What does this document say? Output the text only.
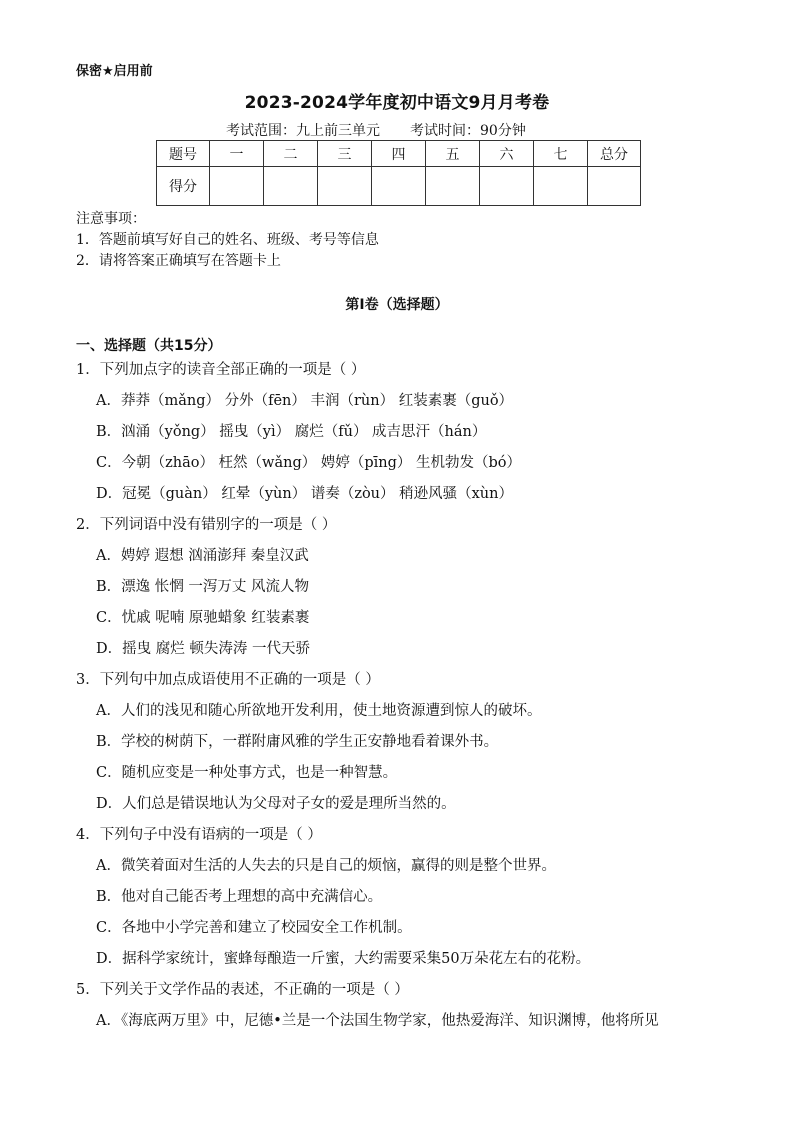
保密★启用前
2023-2024学年度初中语文9月月考卷
考试范围：九上前三单元 考试时间：90分钟
题号	一	二	三	四	五	六	七	总分
得分								
注意事项：
1．答题前填写好自己的姓名、班级、考号等信息
2．请将答案正确填写在答题卡上
第I卷（选择题）
一、选择题（共15分）
1．下列加点字的读音全部正确的一项是（ ）
A．莽莽（mǎng） 分外（fēn） 丰润（rùn） 红装素裹（guǒ）
B．汹涌（yǒng） 摇曳（yì） 腐烂（fǔ） 成吉思汗（hán）
C．今朝（zhāo） 枉然（wǎng） 娉婷（pīng） 生机勃发（bó）
D．冠冕（guàn） 红晕（yùn） 谱奏（zòu） 稍逊风骚（xùn）
2．下列词语中没有错别字的一项是（ ）
A．娉婷 遐想 汹涌澎拜 秦皇汉武
B．漂逸 怅惘 一泻万丈 风流人物
C．忧戚 呢喃 原驰蜡象 红装素裹
D．摇曳 腐烂 顿失涛涛 一代天骄
3．下列句中加点成语使用不正确的一项是（ ）
A．人们的浅见和随心所欲地开发利用，使土地资源遭到惊人的破坏。
B．学校的树荫下，一群附庸风雅的学生正安静地看着课外书。
C．随机应变是一种处事方式，也是一种智慧。
D．人们总是错误地认为父母对子女的爱是理所当然的。
4．下列句子中没有语病的一项是（ ）
A．微笑着面对生活的人失去的只是自己的烦恼，赢得的则是整个世界。
B．他对自己能否考上理想的高中充满信心。
C．各地中小学完善和建立了校园安全工作机制。
D．据科学家统计，蜜蜂每酿造一斤蜜，大约需要采集50万朵花左右的花粉。
5．下列关于文学作品的表述，不正确的一项是（ ）
A．《海底两万里》中，尼德•兰是一个法国生物学家，他热爱海洋、知识渊博，他将所见
